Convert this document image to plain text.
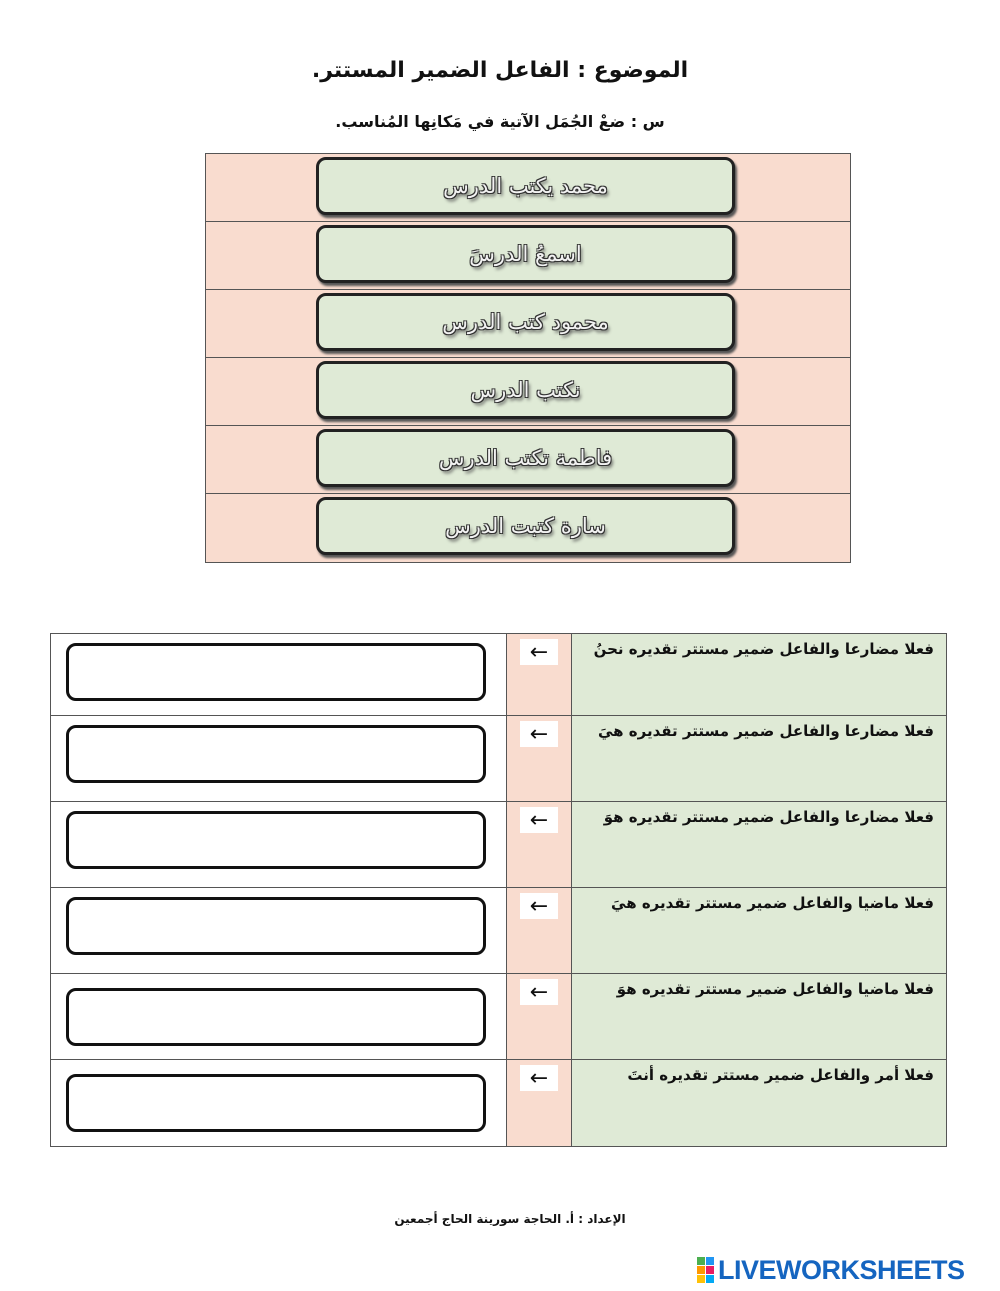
الموضوع : الفاعل الضمير المستتر.
س : ضعْ الجُمَل الآتية في مَكانِها المُناسب.
محمد يكتب الدرس
اسمعُ الدرسَ
محمود كتب الدرس
نكتب الدرس
فاطمة تكتب الدرس
سارة كتبت الدرس
←	فعلا مضارعا والفاعل ضمير مستتر تقديره نحنُ
←	فعلا مضارعا والفاعل ضمير مستتر تقديره هيَ
←	فعلا مضارعا والفاعل ضمير مستتر تقديره هوَ
←	فعلا ماضيا والفاعل ضمير مستتر تقديره هيَ
←	فعلا ماضيا والفاعل ضمير مستتر تقديره هوَ
←	فعلا أمر والفاعل ضمير مستتر تقديره أنتَ
الإعداد : أ. الحاجة سورينة الحاج أجمعين
LIVEWORKSHEETS
